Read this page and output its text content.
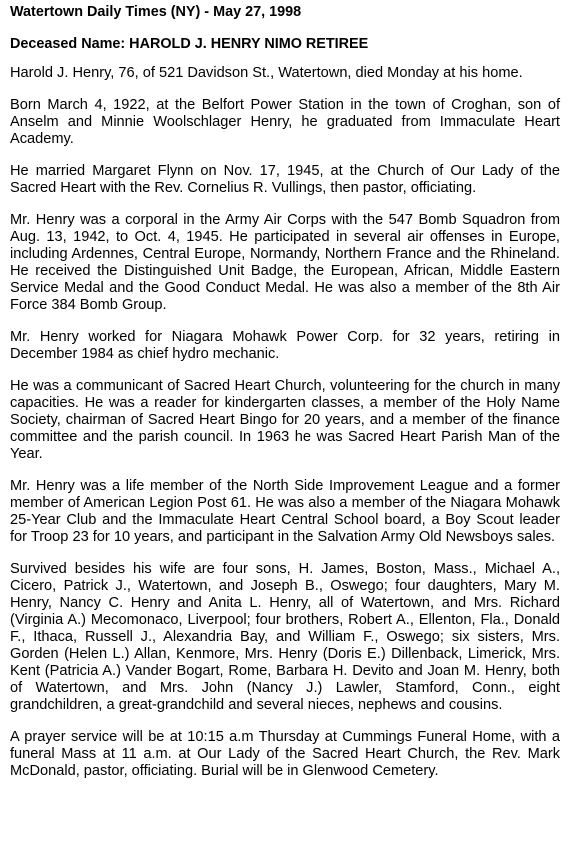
Watertown Daily Times (NY) - May 27, 1998

Deceased Name: HAROLD J. HENRY NIMO RETIREE

Harold J. Henry, 76, of 521 Davidson St., Watertown, died Monday at his home.

Born March 4, 1922, at the Belfort Power Station in the town of Croghan, son of Anselm and Minnie Woolschlager Henry, he graduated from Immaculate Heart Academy.

He married Margaret Flynn on Nov. 17, 1945, at the Church of Our Lady of the Sacred Heart with the Rev. Cornelius R. Vullings, then pastor, officiating.

Mr. Henry was a corporal in the Army Air Corps with the 547 Bomb Squadron from Aug. 13, 1942, to Oct. 4, 1945. He participated in several air offenses in Europe, including Ardennes, Central Europe, Normandy, Northern France and the Rhineland. He received the Distinguished Unit Badge, the European, African, Middle Eastern Service Medal and the Good Conduct Medal. He was also a member of the 8th Air Force 384 Bomb Group.

Mr. Henry worked for Niagara Mohawk Power Corp. for 32 years, retiring in December 1984 as chief hydro mechanic.

He was a communicant of Sacred Heart Church, volunteering for the church in many capacities. He was a reader for kindergarten classes, a member of the Holy Name Society, chairman of Sacred Heart Bingo for 20 years, and a member of the finance committee and the parish council. In 1963 he was Sacred Heart Parish Man of the Year.

Mr. Henry was a life member of the North Side Improvement League and a former member of American Legion Post 61. He was also a member of the Niagara Mohawk 25-Year Club and the Immaculate Heart Central School board, a Boy Scout leader for Troop 23 for 10 years, and participant in the Salvation Army Old Newsboys sales.

Survived besides his wife are four sons, H. James, Boston, Mass., Michael A., Cicero, Patrick J., Watertown, and Joseph B., Oswego; four daughters, Mary M. Henry, Nancy C. Henry and Anita L. Henry, all of Watertown, and Mrs. Richard (Virginia A.) Mecomonaco, Liverpool; four brothers, Robert A., Ellenton, Fla., Donald F., Ithaca, Russell J., Alexandria Bay, and William F., Oswego; six sisters, Mrs. Gorden (Helen L.) Allan, Kenmore, Mrs. Henry (Doris E.) Dillenback, Limerick, Mrs. Kent (Patricia A.) Vander Bogart, Rome, Barbara H. Devito and Joan M. Henry, both of Watertown, and Mrs. John (Nancy J.) Lawler, Stamford, Conn., eight grandchildren, a great-grandchild and several nieces, nephews and cousins.

A prayer service will be at 10:15 a.m Thursday at Cummings Funeral Home, with a funeral Mass at 11 a.m. at Our Lady of the Sacred Heart Church, the Rev. Mark McDonald, pastor, officiating. Burial will be in Glenwood Cemetery.
